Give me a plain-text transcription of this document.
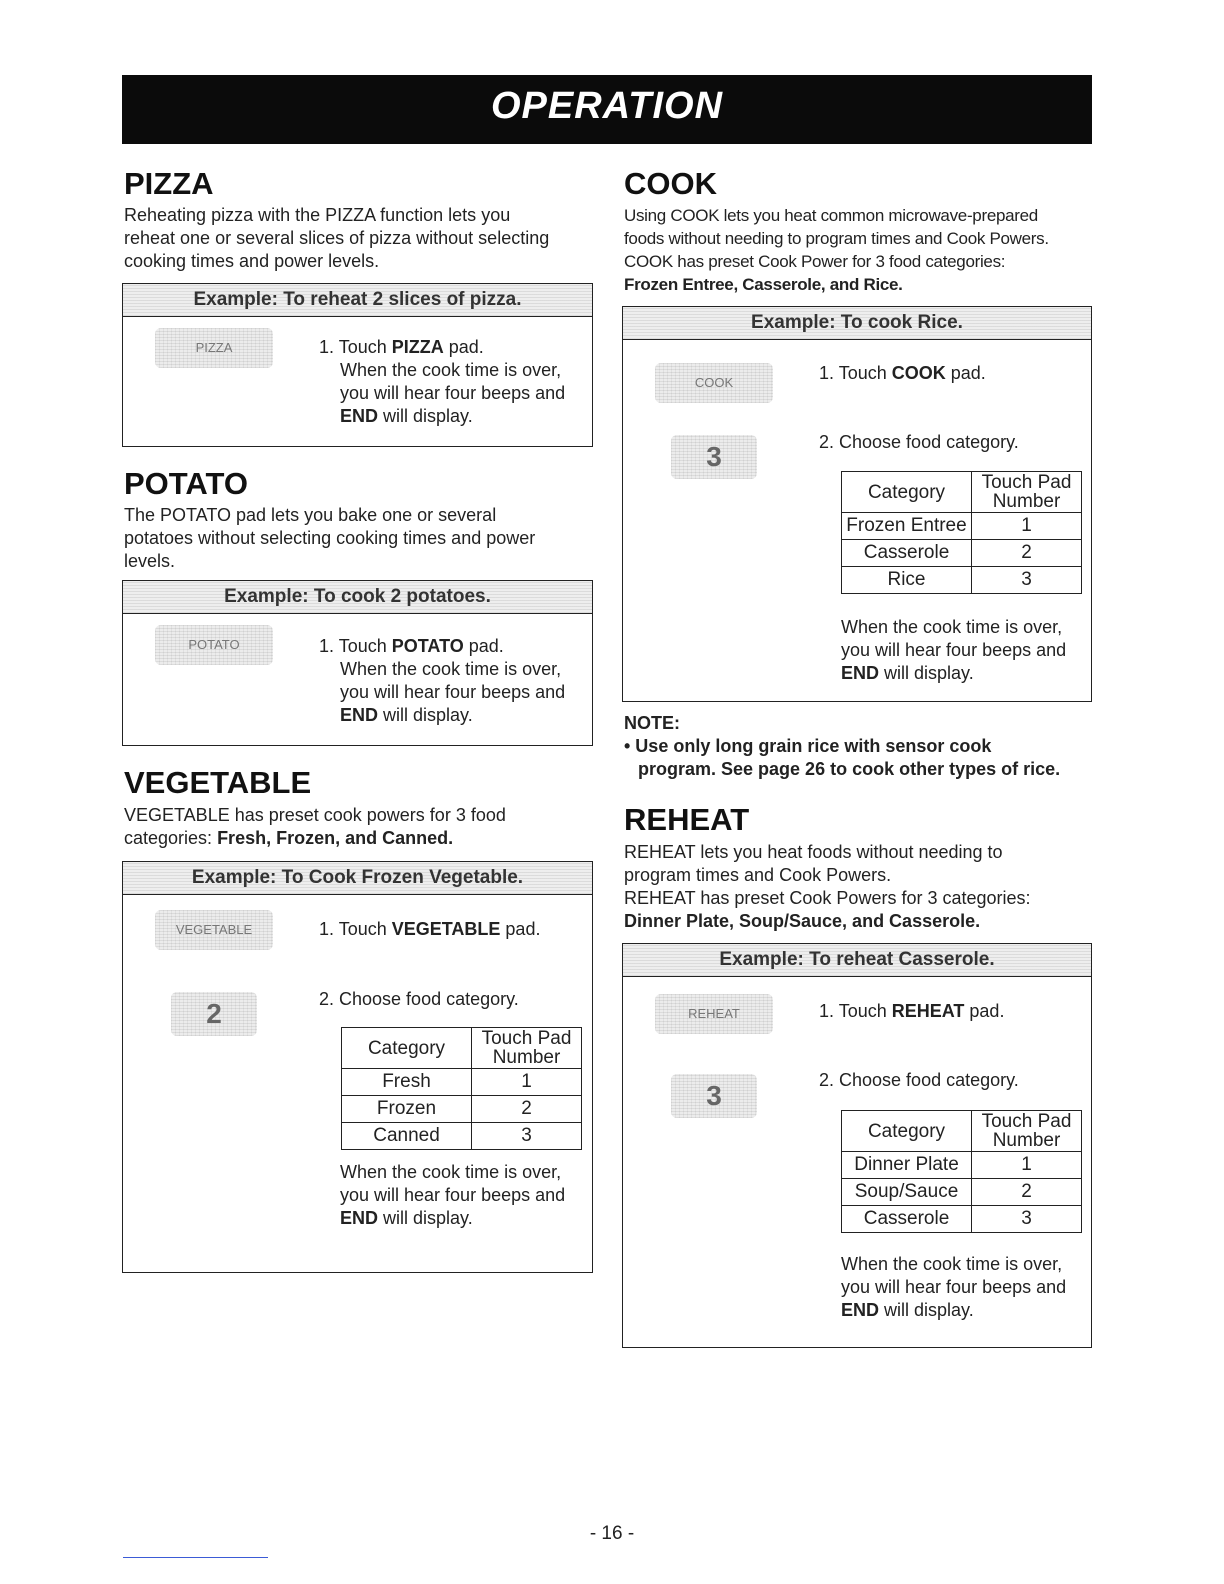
OPERATION
PIZZA
Reheating pizza with the PIZZA function lets you
reheat one or several slices of pizza without selecting
cooking times and power levels.
Example: To reheat 2 slices of pizza.
PIZZA	1. Touch PIZZA pad.
When the cook time is over,
you will hear four beeps and
END will display.
POTATO
The POTATO pad lets you bake one or several
potatoes without selecting cooking times and power
levels.
Example: To cook 2 potatoes.
POTATO	1. Touch POTATO pad.
When the cook time is over,
you will hear four beeps and
END will display.
VEGETABLE
VEGETABLE has preset cook powers for 3 food
categories: Fresh, Frozen, and Canned.
Example: To Cook Frozen Vegetable.
VEGETABLE	1. Touch VEGETABLE pad.
2	2. Choose food category.
Category	Touch Pad
Number

Fresh	1
Frozen	2
Canned	3
When the cook time is over,
you will hear four beeps and
END will display.
COOK
Using COOK lets you heat common microwave-prepared
foods without needing to program times and Cook Powers.
COOK has preset Cook Power for 3 food categories:
Frozen Entree, Casserole, and Rice.
Example: To cook Rice.
COOK	1. Touch COOK pad.
3	2. Choose food category.
Category	Touch Pad
Number

Frozen Entree	1
Casserole	2
Rice	3
When the cook time is over,
you will hear four beeps and
END will display.
NOTE:
• Use only long grain rice with sensor cook
program. See page 26 to cook other types of rice.
REHEAT
REHEAT lets you heat foods without needing to
program times and Cook Powers.
REHEAT has preset Cook Powers for 3 categories:
Dinner Plate, Soup/Sauce, and Casserole.
Example: To reheat Casserole.
REHEAT	1. Touch REHEAT pad.
3	2. Choose food category.
Category	Touch Pad
Number

Dinner Plate	1
Soup/Sauce	2
Casserole	3
When the cook time is over,
you will hear four beeps and
END will display.
- 16 -
